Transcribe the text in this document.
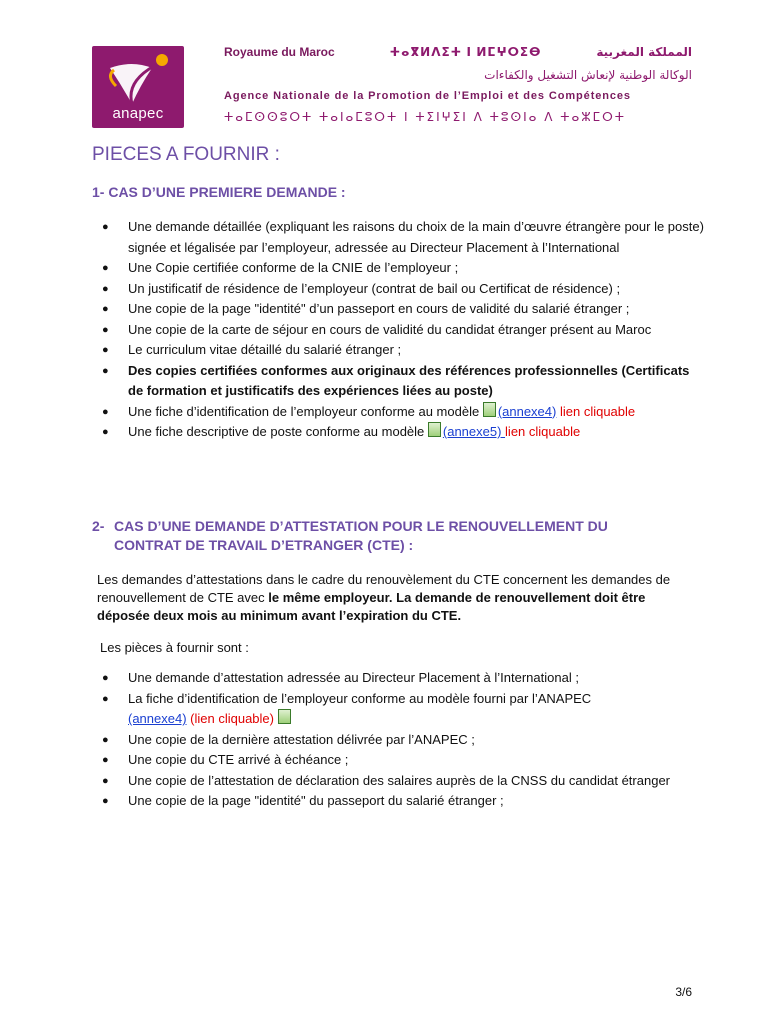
anapec
Royaume du Maroc	ⵜⴰⴳⵍⴷⵉⵜ ⵏ ⵍⵎⵖⵔⵉⴱ	المملكة المغربية
الوكالة الوطنية لإنعاش التشغيل والكفاءات
Agence Nationale de la Promotion de l’Emploi et des Compétences
ⵜⴰⵎⵙⵙⵓⵔⵜ ⵜⴰⵏⴰⵎⵓⵔⵜ ⵏ ⵜⵉⵏⵖⵉⵏ ⴷ ⵜⵓⵙⵏⴰ ⴷ ⵜⴰⵣⵎⵔⵜ
PIECES A FOURNIR :
1- CAS D’UNE PREMIERE DEMANDE :
● Une demande détaillée (expliquant les raisons du choix de la main d’œuvre étrangère pour le poste) signée et légalisée par l’employeur, adressée au Directeur Placement à l’International
● Une Copie certifiée conforme de la CNIE de l’employeur ;
● Un justificatif de résidence de l’employeur (contrat de bail ou Certificat de résidence) ;
● Une copie de la page "identité" d’un passeport en cours de validité du salarié étranger ;
● Une copie de la carte de séjour en cours de validité du candidat étranger présent au Maroc
● Le curriculum vitae détaillé du salarié étranger ;
● Des copies certifiées conformes aux originaux des références professionnelles (Certificats de formation et justificatifs des expériences liées au poste)
● Une fiche d’identification de l’employeur conforme au modèle (annexe4) lien cliquable
● Une fiche descriptive de poste conforme au modèle (annexe5) lien cliquable
2- CAS D’UNE DEMANDE D’ATTESTATION POUR LE RENOUVELLEMENT DU
CONTRAT DE TRAVAIL D’ETRANGER (CTE) :
Les demandes d’attestations dans le cadre du renouvèlement du CTE concernent les demandes de renouvellement de CTE avec le même employeur. La demande de renouvellement doit être déposée deux mois au minimum avant l’expiration du CTE.
Les pièces à fournir sont :
● Une demande d’attestation adressée au Directeur Placement à l’International ;
● La fiche d’identification de l’employeur conforme au modèle fourni par l’ANAPEC
(annexe4) (lien cliquable)
● Une copie de la dernière attestation délivrée par l’ANAPEC ;
● Une copie du CTE arrivé à échéance ;
● Une copie de l’attestation de déclaration des salaires auprès de la CNSS du candidat étranger
● Une copie de la page "identité" du passeport du salarié étranger ;
3/6
